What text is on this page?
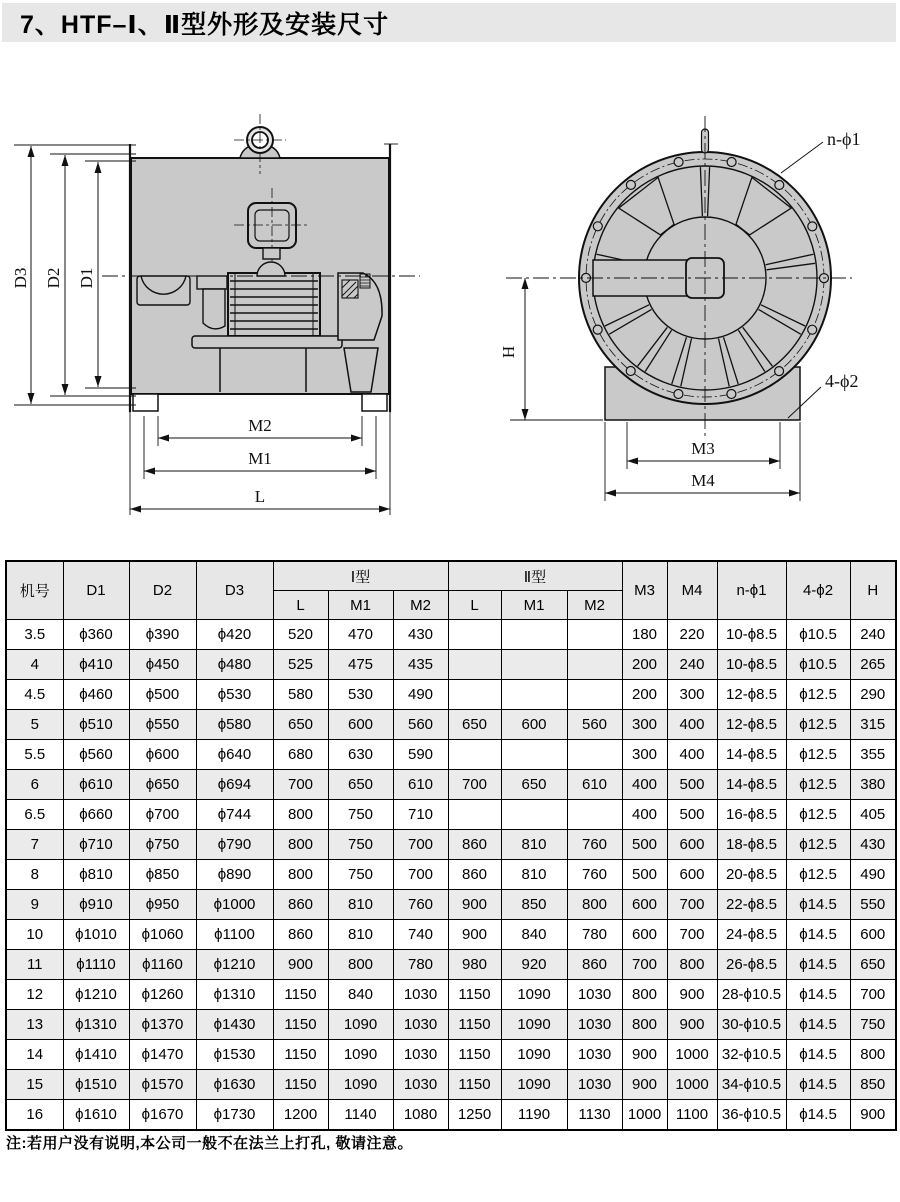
7、HTF–Ⅰ、Ⅱ型外形及安装尺寸
D3 D2 D1
M2
M1
L
H
M3
M4
n-ϕ1
4-ϕ2
机号	D1	D2	D3	Ⅰ型			Ⅱ型			M3	M4	n-ϕ1	4-ϕ2	H
				L	M1	M2	L	M1	M2					
3.5	ϕ360	ϕ390	ϕ420	520	470	430				180	220	10-ϕ8.5	ϕ10.5	240
4	ϕ410	ϕ450	ϕ480	525	475	435				200	240	10-ϕ8.5	ϕ10.5	265
4.5	ϕ460	ϕ500	ϕ530	580	530	490				200	300	12-ϕ8.5	ϕ12.5	290
5	ϕ510	ϕ550	ϕ580	650	600	560	650	600	560	300	400	12-ϕ8.5	ϕ12.5	315
5.5	ϕ560	ϕ600	ϕ640	680	630	590				300	400	14-ϕ8.5	ϕ12.5	355
6	ϕ610	ϕ650	ϕ694	700	650	610	700	650	610	400	500	14-ϕ8.5	ϕ12.5	380
6.5	ϕ660	ϕ700	ϕ744	800	750	710				400	500	16-ϕ8.5	ϕ12.5	405
7	ϕ710	ϕ750	ϕ790	800	750	700	860	810	760	500	600	18-ϕ8.5	ϕ12.5	430
8	ϕ810	ϕ850	ϕ890	800	750	700	860	810	760	500	600	20-ϕ8.5	ϕ12.5	490
9	ϕ910	ϕ950	ϕ1000	860	810	760	900	850	800	600	700	22-ϕ8.5	ϕ14.5	550
10	ϕ1010	ϕ1060	ϕ1100	860	810	740	900	840	780	600	700	24-ϕ8.5	ϕ14.5	600
11	ϕ1110	ϕ1160	ϕ1210	900	800	780	980	920	860	700	800	26-ϕ8.5	ϕ14.5	650
12	ϕ1210	ϕ1260	ϕ1310	1150	840	1030	1150	1090	1030	800	900	28-ϕ10.5	ϕ14.5	700
13	ϕ1310	ϕ1370	ϕ1430	1150	1090	1030	1150	1090	1030	800	900	30-ϕ10.5	ϕ14.5	750
14	ϕ1410	ϕ1470	ϕ1530	1150	1090	1030	1150	1090	1030	900	1000	32-ϕ10.5	ϕ14.5	800
15	ϕ1510	ϕ1570	ϕ1630	1150	1090	1030	1150	1090	1030	900	1000	34-ϕ10.5	ϕ14.5	850
16	ϕ1610	ϕ1670	ϕ1730	1200	1140	1080	1250	1190	1130	1000	1100	36-ϕ10.5	ϕ14.5	900
注:若用户没有说明,本公司一般不在法兰上打孔, 敬请注意。
